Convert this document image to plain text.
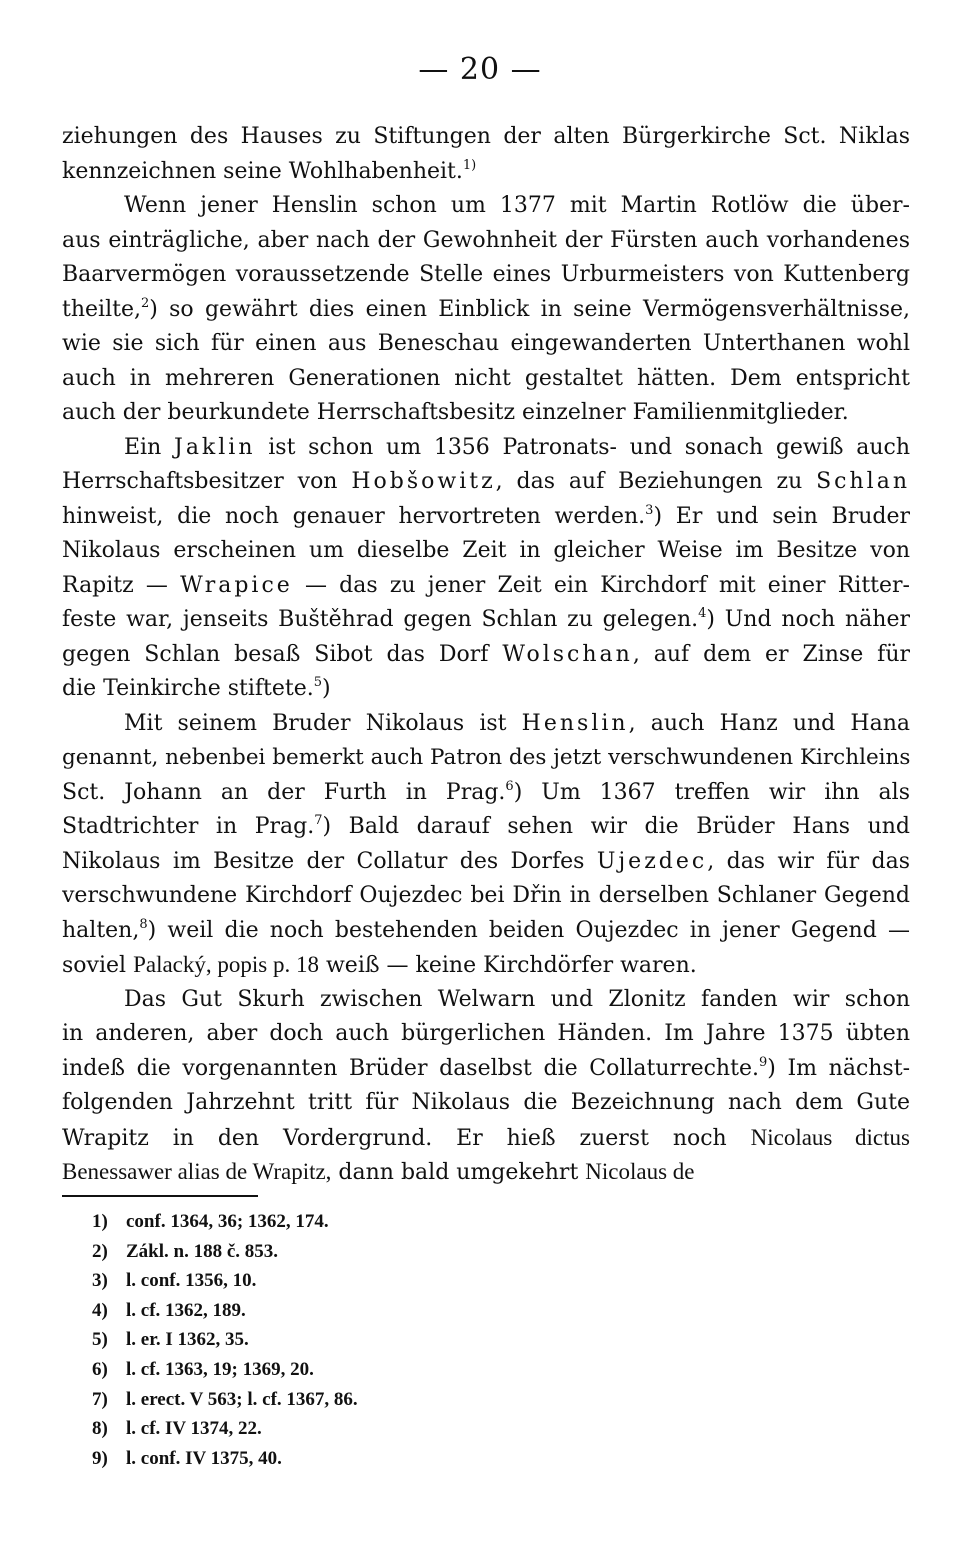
— 20 —
ziehungen des Hauses zu Stiftungen der alten Bürgerkirche Sct. Niklas
kennzeichnen seine Wohlhabenheit.$^{1)}$
Wenn jener Henslin schon um 1377 mit Martin Rotlöw die über-
aus einträgliche, aber nach der Gewohnheit der Fürsten auch vorhandenes
Baarvermögen voraussetzende Stelle eines Urburmeisters von Kuttenberg
theilte,$^2$) so gewährt dies einen Einblick in seine Vermögensverhältnisse,
wie sie sich für einen aus Beneschau eingewanderten Unterthanen wohl
auch in mehreren Generationen nicht gestaltet hätten. Dem entspricht
auch der beurkundete Herrschaftsbesitz einzelner Familienmitglieder.
Ein Jaklin ist schon um 1356 Patronats- und sonach gewiß auch
Herrschaftsbesitzer von Hobšowitz, das auf Beziehungen zu Schlan
hinweist, die noch genauer hervortreten werden.$^3$) Er und sein Bruder
Nikolaus erscheinen um dieselbe Zeit in gleicher Weise im Besitze von
Rapitz — Wrapice — das zu jener Zeit ein Kirchdorf mit einer Ritter-
feste war, jenseits Buštěhrad gegen Schlan zu gelegen.$^4$) Und noch näher
gegen Schlan besaß Sibot das Dorf Wolschan, auf dem er Zinse für
die Teinkirche stiftete.$^5$)
Mit seinem Bruder Nikolaus ist Henslin, auch Hanz und Hana
genannt, nebenbei bemerkt auch Patron des jetzt verschwundenen Kirchleins
Sct. Johann an der Furth in Prag.$^6$) Um 1367 treffen wir ihn als
Stadtrichter in Prag.$^7$) Bald darauf sehen wir die Brüder Hans und
Nikolaus im Besitze der Collatur des Dorfes Ujezdec, das wir für das
verschwundene Kirchdorf Oujezdec bei Dřin in derselben Schlaner Gegend
halten,$^8$) weil die noch bestehenden beiden Oujezdec in jener Gegend —
soviel Palacký, popis p. 18 weiß — keine Kirchdörfer waren.
Das Gut Skurh zwischen Welwarn und Zlonitz fanden wir schon
in anderen, aber doch auch bürgerlichen Händen. Im Jahre 1375 übten
indeß die vorgenannten Brüder daselbst die Collaturrechte.$^9$) Im nächst-
folgenden Jahrzehnt tritt für Nikolaus die Bezeichnung nach dem Gute
Wrapitz in den Vordergrund. Er hieß zuerst noch Nicolaus dictus
Benessawer alias de Wrapitz, dann bald umgekehrt Nicolaus de
1) conf. 1364, 36; 1362, 174.
2) Zákl. n. 188 č. 853.
3) l. conf. 1356, 10.
4) l. cf. 1362, 189.
5) l. er. I 1362, 35.
6) l. cf. 1363, 19; 1369, 20.
7) l. erect. V 563; l. cf. 1367, 86.
8) l. cf. IV 1374, 22.
9) l. conf. IV 1375, 40.
